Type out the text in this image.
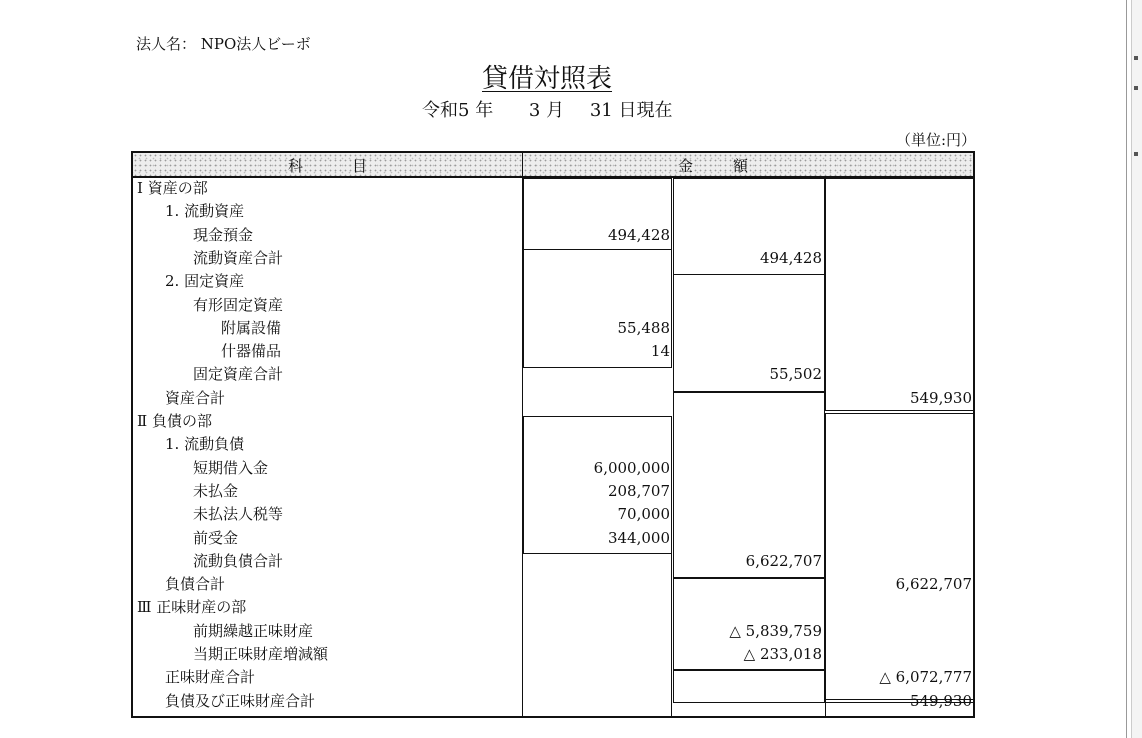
法人名： NPO法人ビーボ
貸借対照表
令和5 年 3 月 31 日現在
（単位:円）
科	目	金	額
Ⅰ 資産の部
1. 流動資産
現金預金	494,428
流動資産合計	494,428
2. 固定資産
有形固定資産
附属設備	55,488
什器備品	14
固定資産合計	55,502
資産合計	549,930
Ⅱ 負債の部
1. 流動負債
短期借入金	6,000,000
未払金	208,707
未払法人税等	70,000
前受金	344,000
流動負債合計	6,622,707
負債合計	6,622,707
Ⅲ 正味財産の部
前期繰越正味財産	△ 5,839,759
当期正味財産増減額	△ 233,018
正味財産合計	△ 6,072,777
負債及び正味財産合計	549,930
